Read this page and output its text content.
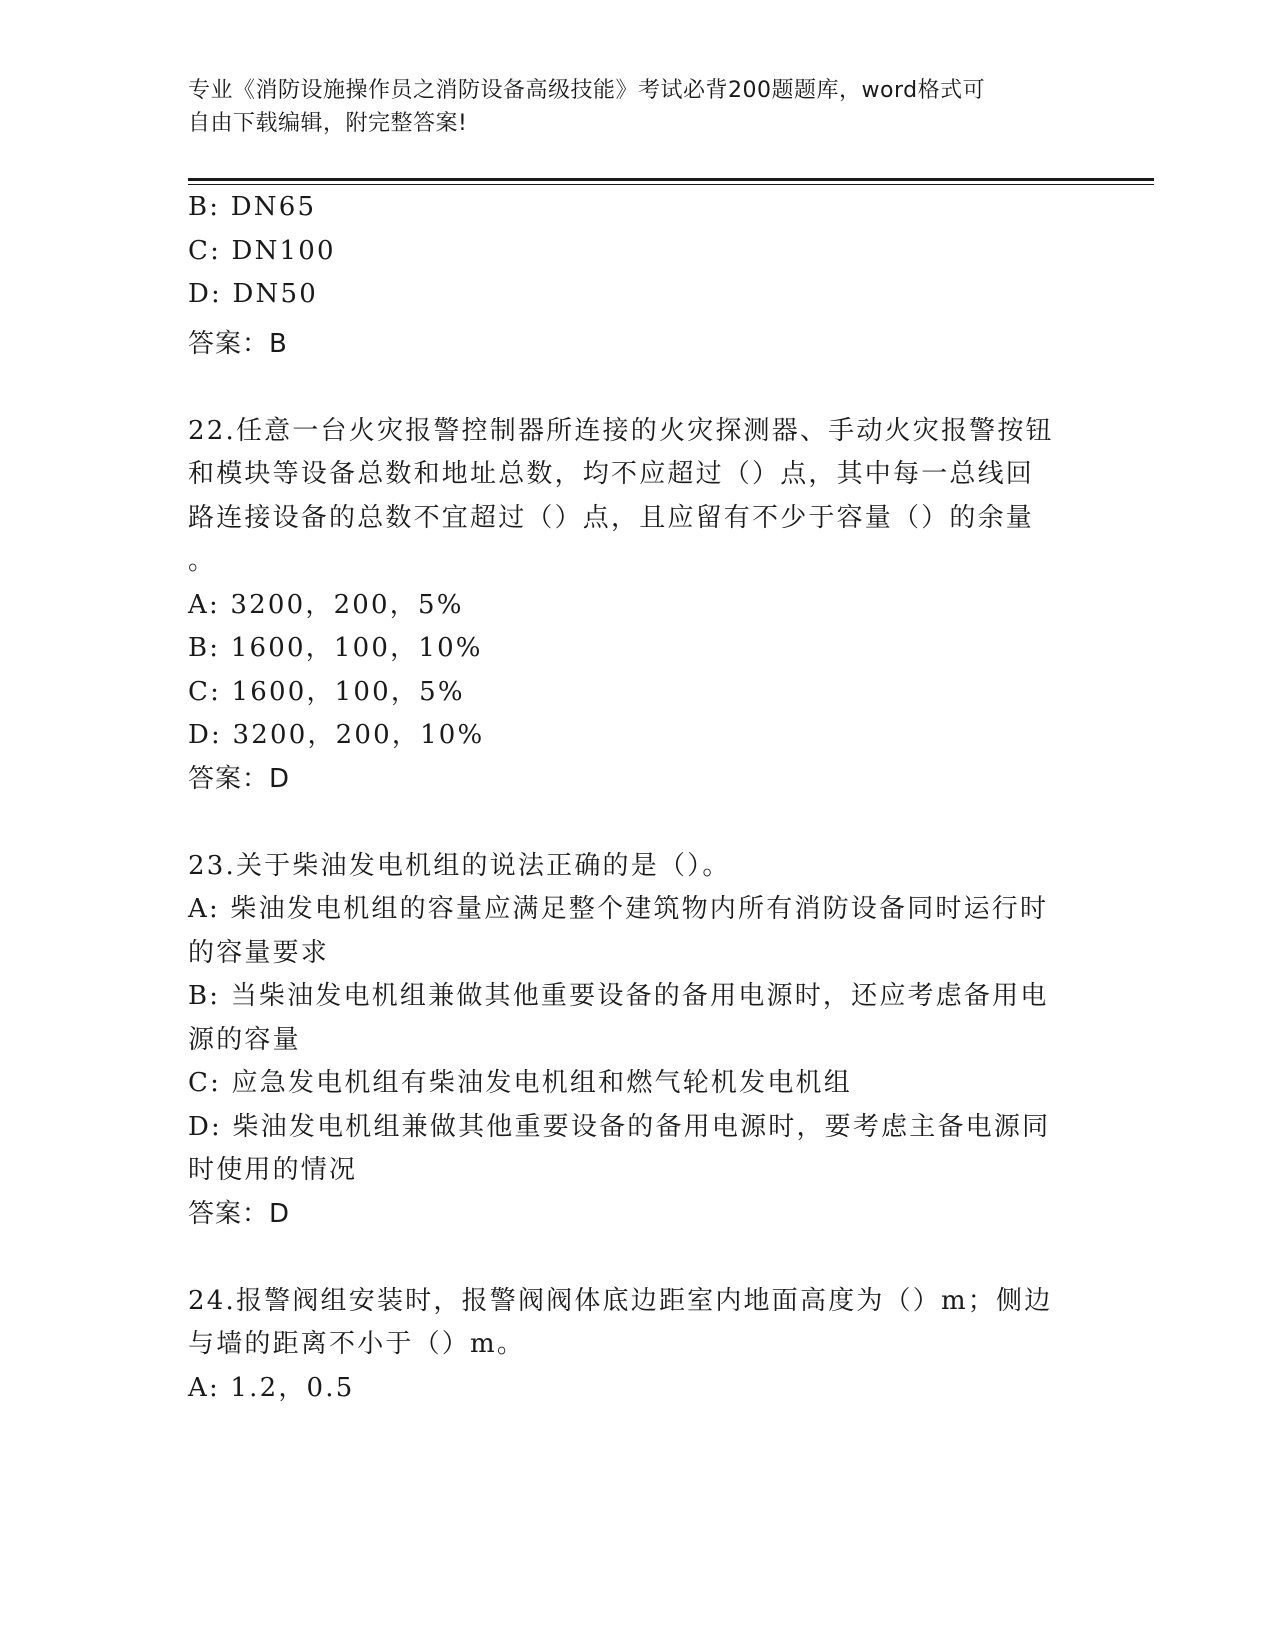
专业《消防设施操作员之消防设备高级技能》考试必背200题题库，word格式可
自由下载编辑，附完整答案!
B: DN65
C: DN100
D: DN50
答案：B
22.任意一台火灾报警控制器所连接的火灾探测器、手动火灾报警按钮
和模块等设备总数和地址总数，均不应超过（）点，其中每一总线回
路连接设备的总数不宜超过（）点，且应留有不少于容量（）的余量
。
A: 3200，200，5%
B: 1600，100，10%
C: 1600，100，5%
D: 3200，200，10%
答案：D
23.关于柴油发电机组的说法正确的是（）。
A: 柴油发电机组的容量应满足整个建筑物内所有消防设备同时运行时
的容量要求
B: 当柴油发电机组兼做其他重要设备的备用电源时，还应考虑备用电
源的容量
C: 应急发电机组有柴油发电机组和燃气轮机发电机组
D: 柴油发电机组兼做其他重要设备的备用电源时，要考虑主备电源同
时使用的情况
答案：D
24.报警阀组安装时，报警阀阀体底边距室内地面高度为（）m；侧边
与墙的距离不小于（）m。
A: 1.2，0.5
